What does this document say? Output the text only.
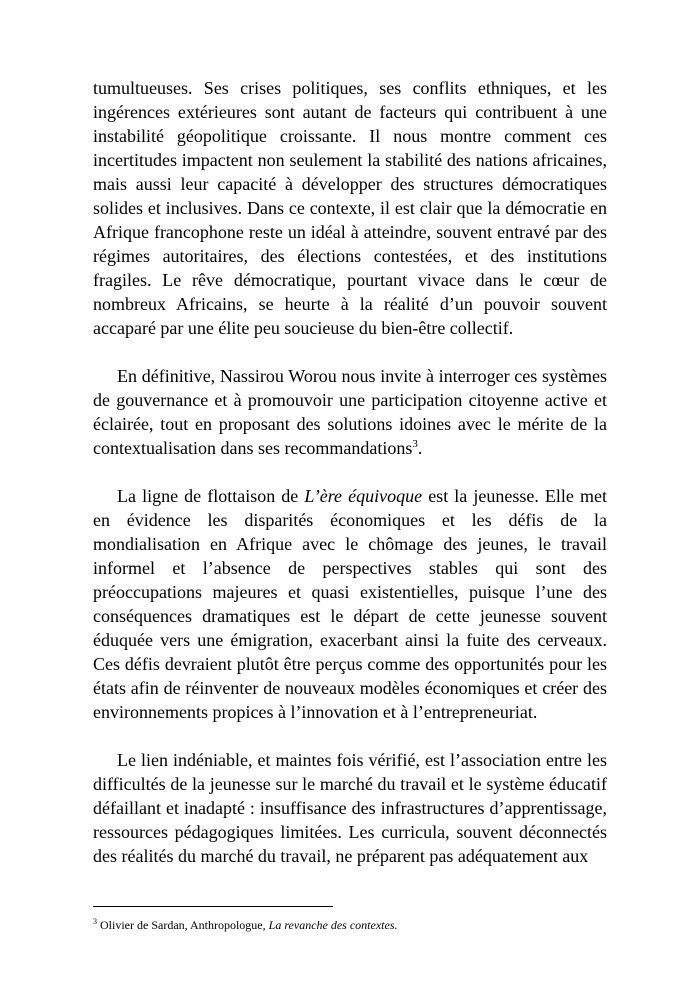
tumultueuses. Ses crises politiques, ses conflits ethniques, et les ingérences extérieures sont autant de facteurs qui contribuent à une instabilité géopolitique croissante. Il nous montre comment ces incertitudes impactent non seulement la stabilité des nations africaines, mais aussi leur capacité à développer des structures démocratiques solides et inclusives. Dans ce contexte, il est clair que la démocratie en Afrique francophone reste un idéal à atteindre, souvent entravé par des régimes autoritaires, des élections contestées, et des institutions fragiles. Le rêve démocratique, pourtant vivace dans le cœur de nombreux Africains, se heurte à la réalité d’un pouvoir souvent accaparé par une élite peu soucieuse du bien-être collectif.

En définitive, Nassirou Worou nous invite à interroger ces systèmes de gouvernance et à promouvoir une participation citoyenne active et éclairée, tout en proposant des solutions idoines avec le mérite de la contextualisation dans ses recommandations$^3$.

La ligne de flottaison de L’ère équivoque est la jeunesse. Elle met en évidence les disparités économiques et les défis de la mondialisation en Afrique avec le chômage des jeunes, le travail informel et l’absence de perspectives stables qui sont des préoccupations majeures et quasi existentielles, puisque l’une des conséquences dramatiques est le départ de cette jeunesse souvent éduquée vers une émigration, exacerbant ainsi la fuite des cerveaux. Ces défis devraient plutôt être perçus comme des opportunités pour les états afin de réinventer de nouveaux modèles économiques et créer des environnements propices à l’innovation et à l’entrepreneuriat.

Le lien indéniable, et maintes fois vérifié, est l’association entre les difficultés de la jeunesse sur le marché du travail et le système éducatif défaillant et inadapté : insuffisance des infrastructures d’apprentissage, ressources pédagogiques limitées. Les curricula, souvent déconnectés des réalités du marché du travail, ne préparent pas adéquatement aux

$^3$ Olivier de Sardan, Anthropologue, La revanche des contextes.
